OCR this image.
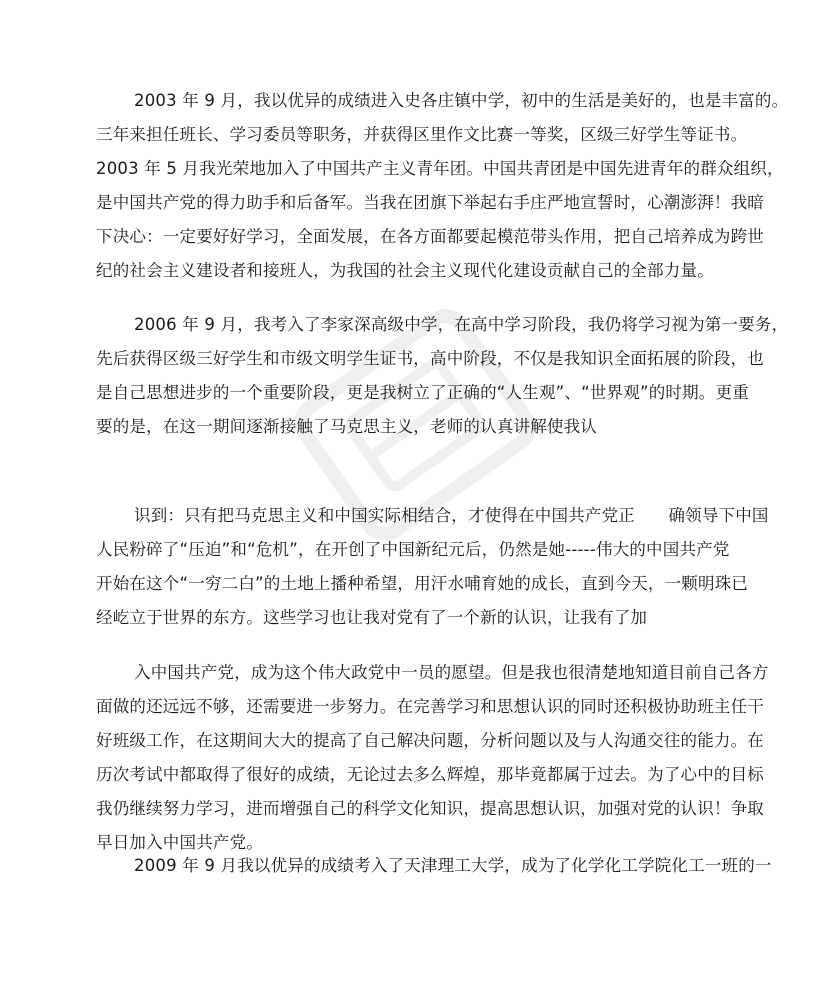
2003 年 9 月，我以优异的成绩进入史各庄镇中学，初中的生活是美好的，也是丰富的。
三年来担任班长、学习委员等职务，并获得区里作文比赛一等奖，区级三好学生等证书。
2003 年 5 月我光荣地加入了中国共产主义青年团。中国共青团是中国先进青年的群众组织，
是中国共产党的得力助手和后备军。当我在团旗下举起右手庄严地宣誓时，心潮澎湃！我暗
下决心：一定要好好学习，全面发展，在各方面都要起模范带头作用，把自己培养成为跨世
纪的社会主义建设者和接班人，为我国的社会主义现代化建设贡献自己的全部力量。

2006 年 9 月，我考入了李家深高级中学，在高中学习阶段，我仍将学习视为第一要务，
先后获得区级三好学生和市级文明学生证书，高中阶段，不仅是我知识全面拓展的阶段，也
是自己思想进步的一个重要阶段，更是我树立了正确的“人生观”、“世界观”的时期。更重
要的是，在这一期间逐渐接触了马克思主义，老师的认真讲解使我认

识到：只有把马克思主义和中国实际相结合，才使得在中国共产党正　　确领导下中国
人民粉碎了“压迫”和“危机”，在开创了中国新纪元后，仍然是她-----伟大的中国共产党
开始在这个“一穷二白”的土地上播种希望，用汗水哺育她的成长，直到今天，一颗明珠已
经屹立于世界的东方。这些学习也让我对党有了一个新的认识，让我有了加

入中国共产党，成为这个伟大政党中一员的愿望。但是我也很清楚地知道目前自己各方
面做的还远远不够，还需要进一步努力。在完善学习和思想认识的同时还积极协助班主任干
好班级工作，在这期间大大的提高了自己解决问题，分析问题以及与人沟通交往的能力。在
历次考试中都取得了很好的成绩，无论过去多么辉煌，那毕竟都属于过去。为了心中的目标
我仍继续努力学习，进而增强自己的科学文化知识，提高思想认识，加强对党的认识！争取
早日加入中国共产党。

2009 年 9 月我以优异的成绩考入了天津理工大学，成为了化学化工学院化工一班的一
